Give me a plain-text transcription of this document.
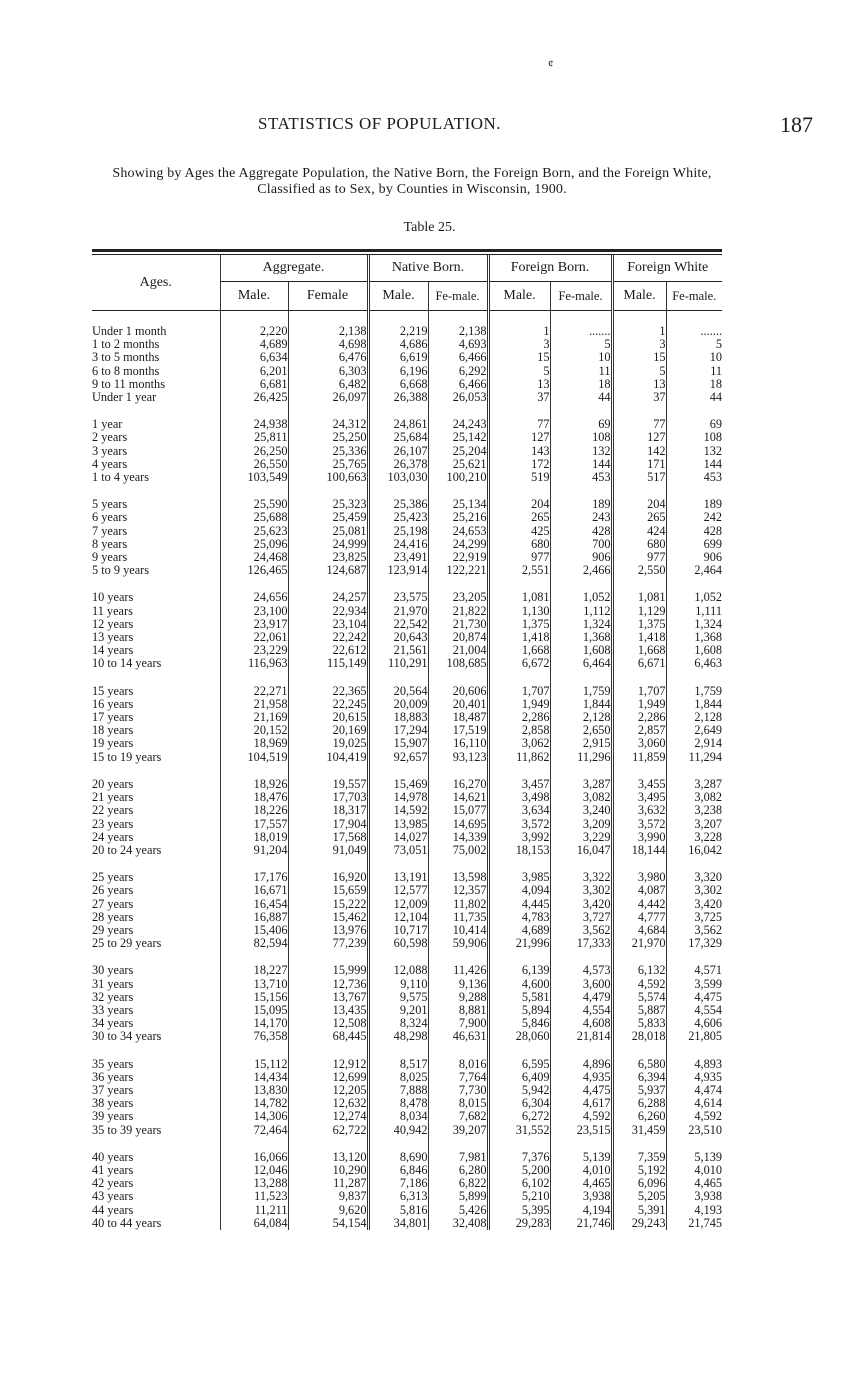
¢
STATISTICS OF POPULATION.	187
Showing by Ages the Aggregate Population, the Native Born, the Foreign Born, and the Foreign White, Classified as to Sex, by Counties in Wisconsin, 1900.
Table 25.
Ages.	Aggregate.		Native Born.		Foreign Born.		Foreign White	
	Male.	Female	Male.	Fe-male.	Male.	Fe-male.	Male.	Fe-male.

Under 1 month	2,220	2,138	2,219	2,138	1	.......	1	.......
1 to 2 months	4,689	4,698	4,686	4,693	3	5	3	5
3 to 5 months	6,634	6,476	6,619	6,466	15	10	15	10
6 to 8 months	6,201	6,303	6,196	6,292	5	11	5	11
9 to 11 months	6,681	6,482	6,668	6,466	13	18	13	18
Under 1 year	26,425	26,097	26,388	26,053	37	44	37	44

1 year	24,938	24,312	24,861	24,243	77	69	77	69
2 years	25,811	25,250	25,684	25,142	127	108	127	108
3 years	26,250	25,336	26,107	25,204	143	132	142	132
4 years	26,550	25,765	26,378	25,621	172	144	171	144
1 to 4 years	103,549	100,663	103,030	100,210	519	453	517	453

5 years	25,590	25,323	25,386	25,134	204	189	204	189
6 years	25,688	25,459	25,423	25,216	265	243	265	242
7 years	25,623	25,081	25,198	24,653	425	428	424	428
8 years	25,096	24,999	24,416	24,299	680	700	680	699
9 years	24,468	23,825	23,491	22,919	977	906	977	906
5 to 9 years	126,465	124,687	123,914	122,221	2,551	2,466	2,550	2,464

10 years	24,656	24,257	23,575	23,205	1,081	1,052	1,081	1,052
11 years	23,100	22,934	21,970	21,822	1,130	1,112	1,129	1,111
12 years	23,917	23,104	22,542	21,730	1,375	1,324	1,375	1,324
13 years	22,061	22,242	20,643	20,874	1,418	1,368	1,418	1,368
14 years	23,229	22,612	21,561	21,004	1,668	1,608	1,668	1,608
10 to 14 years	116,963	115,149	110,291	108,685	6,672	6,464	6,671	6,463

15 years	22,271	22,365	20,564	20,606	1,707	1,759	1,707	1,759
16 years	21,958	22,245	20,009	20,401	1,949	1,844	1,949	1,844
17 years	21,169	20,615	18,883	18,487	2,286	2,128	2,286	2,128
18 years	20,152	20,169	17,294	17,519	2,858	2,650	2,857	2,649
19 years	18,969	19,025	15,907	16,110	3,062	2,915	3,060	2,914
15 to 19 years	104,519	104,419	92,657	93,123	11,862	11,296	11,859	11,294

20 years	18,926	19,557	15,469	16,270	3,457	3,287	3,455	3,287
21 years	18,476	17,703	14,978	14,621	3,498	3,082	3,495	3,082
22 years	18,226	18,317	14,592	15,077	3,634	3,240	3,632	3,238
23 years	17,557	17,904	13,985	14,695	3,572	3,209	3,572	3,207
24 years	18,019	17,568	14,027	14,339	3,992	3,229	3,990	3,228
20 to 24 years	91,204	91,049	73,051	75,002	18,153	16,047	18,144	16,042

25 years	17,176	16,920	13,191	13,598	3,985	3,322	3,980	3,320
26 years	16,671	15,659	12,577	12,357	4,094	3,302	4,087	3,302
27 years	16,454	15,222	12,009	11,802	4,445	3,420	4,442	3,420
28 years	16,887	15,462	12,104	11,735	4,783	3,727	4,777	3,725
29 years	15,406	13,976	10,717	10,414	4,689	3,562	4,684	3,562
25 to 29 years	82,594	77,239	60,598	59,906	21,996	17,333	21,970	17,329

30 years	18,227	15,999	12,088	11,426	6,139	4,573	6,132	4,571
31 years	13,710	12,736	9,110	9,136	4,600	3,600	4,592	3,599
32 years	15,156	13,767	9,575	9,288	5,581	4,479	5,574	4,475
33 years	15,095	13,435	9,201	8,881	5,894	4,554	5,887	4,554
34 years	14,170	12,508	8,324	7,900	5,846	4,608	5,833	4,606
30 to 34 years	76,358	68,445	48,298	46,631	28,060	21,814	28,018	21,805

35 years	15,112	12,912	8,517	8,016	6,595	4,896	6,580	4,893
36 years	14,434	12,699	8,025	7,764	6,409	4,935	6,394	4,935
37 years	13,830	12,205	7,888	7,730	5,942	4,475	5,937	4,474
38 years	14,782	12,632	8,478	8,015	6,304	4,617	6,288	4,614
39 years	14,306	12,274	8,034	7,682	6,272	4,592	6,260	4,592
35 to 39 years	72,464	62,722	40,942	39,207	31,552	23,515	31,459	23,510

40 years	16,066	13,120	8,690	7,981	7,376	5,139	7,359	5,139
41 years	12,046	10,290	6,846	6,280	5,200	4,010	5,192	4,010
42 years	13,288	11,287	7,186	6,822	6,102	4,465	6,096	4,465
43 years	11,523	9,837	6,313	5,899	5,210	3,938	5,205	3,938
44 years	11,211	9,620	5,816	5,426	5,395	4,194	5,391	4,193
40 to 44 years	64,084	54,154	34,801	32,408	29,283	21,746	29,243	21,745
